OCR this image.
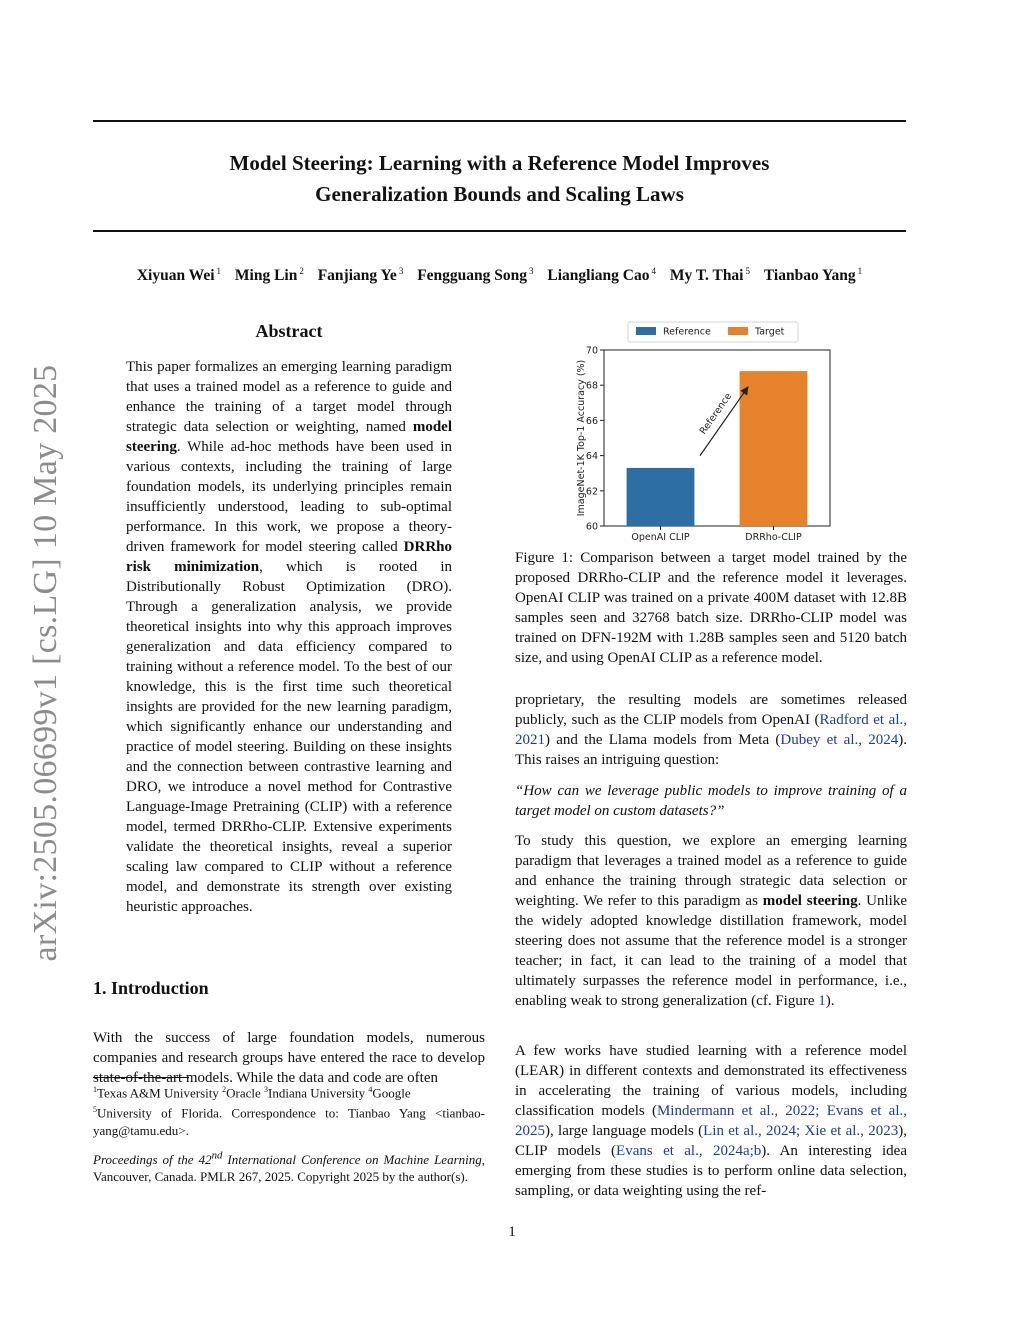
Model Steering: Learning with a Reference Model Improves
Generalization Bounds and Scaling Laws
Xiyuan Wei $^1$ Ming Lin $^2$ Fanjiang Ye $^3$ Fengguang Song $^3$ Liangliang Cao $^4$ My T. Thai $^5$ Tianbao Yang $^1$
arXiv:2505.06699v1 [cs.LG] 10 May 2025
Abstract

This paper formalizes an emerging learning paradigm that uses a trained model as a reference to guide and enhance the training of a target model through strategic data selection or weighting, named model steering. While ad-hoc methods have been used in various contexts, including the training of large foundation models, its underlying principles remain insufficiently understood, leading to sub-optimal performance. In this work, we propose a theory-driven framework for model steering called DRRho risk minimization, which is rooted in Distributionally Robust Optimization (DRO). Through a generalization analysis, we provide theoretical insights into why this approach improves generalization and data efficiency compared to training without a reference model. To the best of our knowledge, this is the first time such theoretical insights are provided for the new learning paradigm, which significantly enhance our understanding and practice of model steering. Building on these insights and the connection between contrastive learning and DRO, we introduce a novel method for Contrastive Language-Image Pretraining (CLIP) with a reference model, termed DRRho-CLIP. Extensive experiments validate the theoretical insights, reveal a superior scaling law compared to CLIP without a reference model, and demonstrate its strength over existing heuristic approaches.

1. Introduction

With the success of large foundation models, numerous companies and research groups have entered the race to develop state-of-the-art models. While the data and code are often

$^1$Texas A&M University $^2$Oracle $^3$Indiana University $^4$Google
$^5$University of Florida. Correspondence to: Tianbao Yang <tianbao-yang@tamu.edu>.
Proceedings of the 42nd International Conference on Machine Learning, Vancouver, Canada. PMLR 267, 2025. Copyright 2025 by the author(s).
60
62
64
66
68
70
ImageNet-1K Top-1 Accuracy (%)
OpenAI CLIP	DRRho-CLIP
Reference	Target
Reference
Figure 1: Comparison between a target model trained by the proposed DRRho-CLIP and the reference model it leverages. OpenAI CLIP was trained on a private 400M dataset with 12.8B samples seen and 32768 batch size. DRRho-CLIP model was trained on DFN-192M with 1.28B samples seen and 5120 batch size, and using OpenAI CLIP as a reference model.

proprietary, the resulting models are sometimes released publicly, such as the CLIP models from OpenAI (Radford et al., 2021) and the Llama models from Meta (Dubey et al., 2024). This raises an intriguing question:

“How can we leverage public models to improve training of a target model on custom datasets?”

To study this question, we explore an emerging learning paradigm that leverages a trained model as a reference to guide and enhance the training through strategic data selection or weighting. We refer to this paradigm as model steering. Unlike the widely adopted knowledge distillation framework, model steering does not assume that the reference model is a stronger teacher; in fact, it can lead to the training of a model that ultimately surpasses the reference model in performance, i.e., enabling weak to strong generalization (cf. Figure 1).

A few works have studied learning with a reference model (LEAR) in different contexts and demonstrated its effectiveness in accelerating the training of various models, including classification models (Mindermann et al., 2022; Evans et al., 2025), large language models (Lin et al., 2024; Xie et al., 2023), CLIP models (Evans et al., 2024a;b). An interesting idea emerging from these studies is to perform online data selection, sampling, or data weighting using the ref-

1
